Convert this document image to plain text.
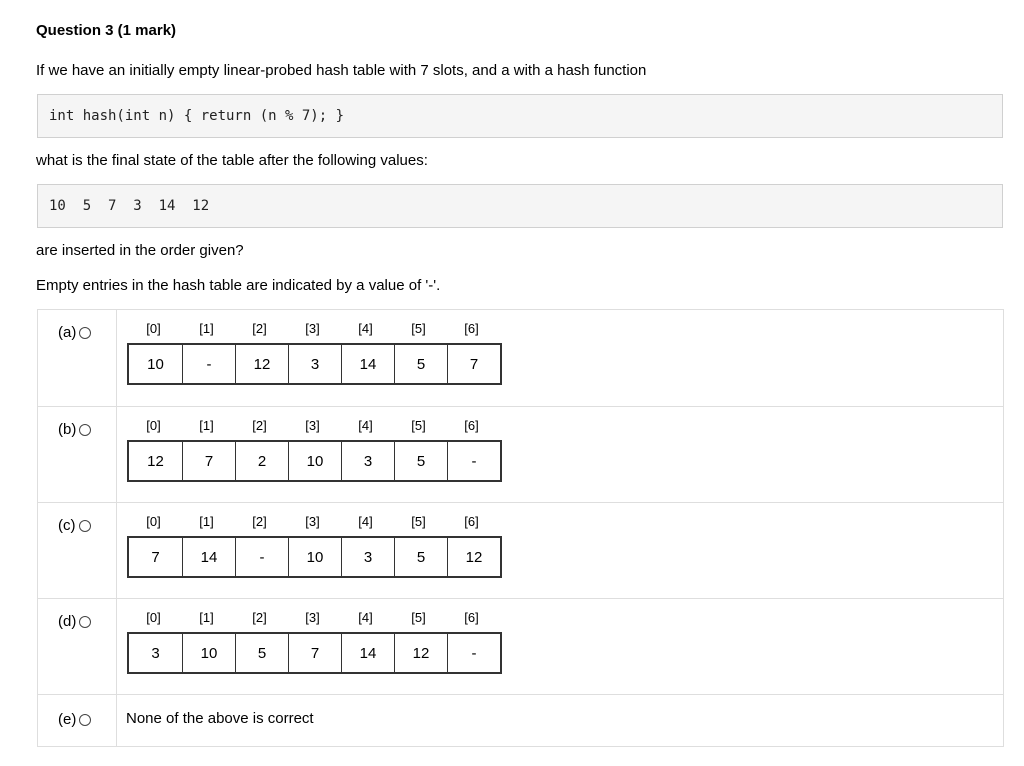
Question 3 (1 mark)
If we have an initially empty linear-probed hash table with 7 slots, and a with a hash function
int hash(int n) { return (n % 7); }
what is the final state of the table after the following values:
10  5  7  3  14  12
are inserted in the order given?
Empty entries in the hash table are indicated by a value of '-'.
(a)	[0]	[1]	[2]	[3]	[4]	[5]	[6]
10	-	12	3	14	5	7
(b)	[0]	[1]	[2]	[3]	[4]	[5]	[6]
12	7	2	10	3	5	-
(c)	[0]	[1]	[2]	[3]	[4]	[5]	[6]
7	14	-	10	3	5	12
(d)	[0]	[1]	[2]	[3]	[4]	[5]	[6]
3	10	5	7	14	12	-
(e)	None of the above is correct
